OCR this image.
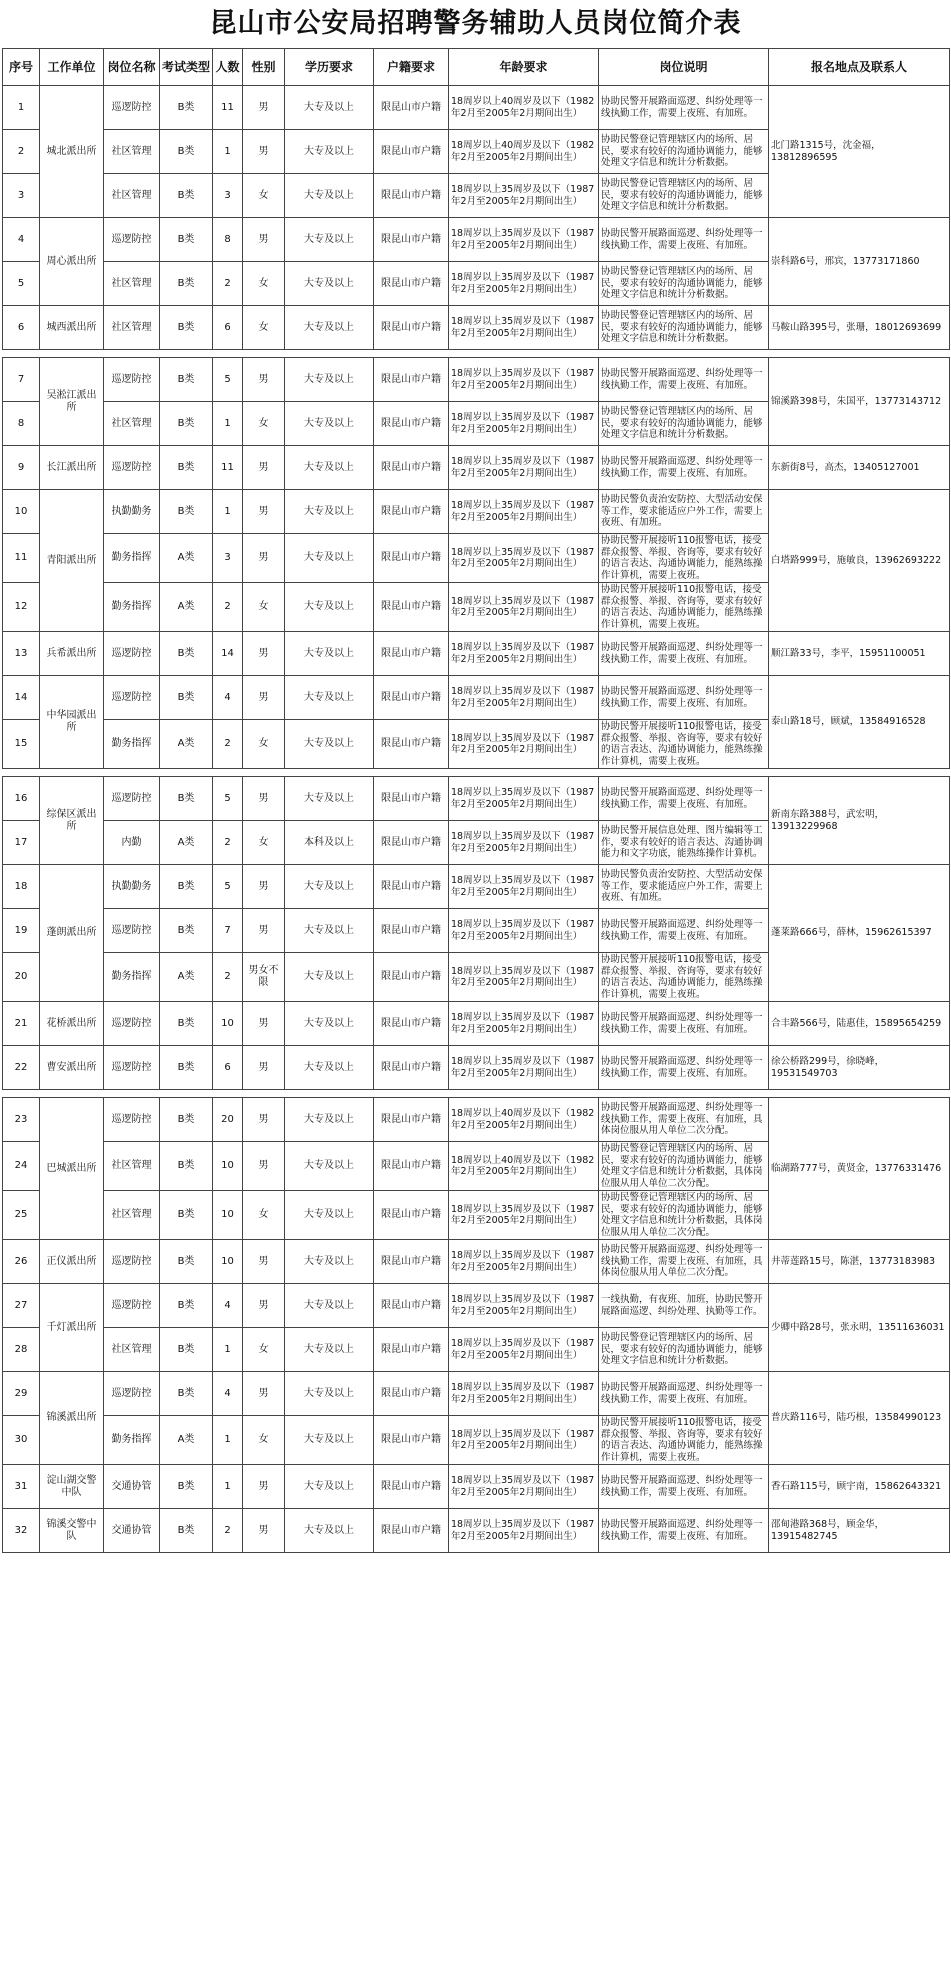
昆山市公安局招聘警务辅助人员岗位简介表
序号	工作单位	岗位名称	考试类型	人数	性别	学历要求	户籍要求	年龄要求	岗位说明	报名地点及联系人
1	城北派出所	巡逻防控	B类	11	男	大专及以上	限昆山市户籍	18周岁以上40周岁及以下（1982年2月至2005年2月期间出生）	协助民警开展路面巡逻、纠纷处理等一线执勤工作，需要上夜班、有加班。	北门路1315号，沈金福，13812896595
2		社区管理	B类	1	男	大专及以上	限昆山市户籍	18周岁以上40周岁及以下（1982年2月至2005年2月期间出生）	协助民警登记管理辖区内的场所、居民，要求有较好的沟通协调能力，能够处理文字信息和统计分析数据。	
3		社区管理	B类	3	女	大专及以上	限昆山市户籍	18周岁以上35周岁及以下（1987年2月至2005年2月期间出生）	协助民警登记管理辖区内的场所、居民，要求有较好的沟通协调能力，能够处理文字信息和统计分析数据。	
4	周心派出所	巡逻防控	B类	8	男	大专及以上	限昆山市户籍	18周岁以上35周岁及以下（1987年2月至2005年2月期间出生）	协助民警开展路面巡逻、纠纷处理等一线执勤工作，需要上夜班、有加班。	崇科路6号，邢宾，13773171860
5		社区管理	B类	2	女	大专及以上	限昆山市户籍	18周岁以上35周岁及以下（1987年2月至2005年2月期间出生）	协助民警登记管理辖区内的场所、居民，要求有较好的沟通协调能力，能够处理文字信息和统计分析数据。	
6	城西派出所	社区管理	B类	6	女	大专及以上	限昆山市户籍	18周岁以上35周岁及以下（1987年2月至2005年2月期间出生）	协助民警登记管理辖区内的场所、居民，要求有较好的沟通协调能力，能够处理文字信息和统计分析数据。	马鞍山路395号，张珊，18012693699

7	吴淞江派出所	巡逻防控	B类	5	男	大专及以上	限昆山市户籍	18周岁以上35周岁及以下（1987年2月至2005年2月期间出生）	协助民警开展路面巡逻、纠纷处理等一线执勤工作，需要上夜班、有加班。	锦溪路398号，朱国平，13773143712
8		社区管理	B类	1	女	大专及以上	限昆山市户籍	18周岁以上35周岁及以下（1987年2月至2005年2月期间出生）	协助民警登记管理辖区内的场所、居民，要求有较好的沟通协调能力，能够处理文字信息和统计分析数据。	
9	长江派出所	巡逻防控	B类	11	男	大专及以上	限昆山市户籍	18周岁以上35周岁及以下（1987年2月至2005年2月期间出生）	协助民警开展路面巡逻、纠纷处理等一线执勤工作，需要上夜班、有加班。	东新街8号，高杰，13405127001
10	青阳派出所	执勤勤务	B类	1	男	大专及以上	限昆山市户籍	18周岁以上35周岁及以下（1987年2月至2005年2月期间出生）	协助民警负责治安防控、大型活动安保等工作，要求能适应户外工作，需要上夜班、有加班。	白塔路999号，施敏良，13962693222
11		勤务指挥	A类	3	男	大专及以上	限昆山市户籍	18周岁以上35周岁及以下（1987年2月至2005年2月期间出生）	协助民警开展接听110报警电话，接受群众报警、举报、咨询等，要求有较好的语言表达、沟通协调能力，能熟练操作计算机，需要上夜班。	
12		勤务指挥	A类	2	女	大专及以上	限昆山市户籍	18周岁以上35周岁及以下（1987年2月至2005年2月期间出生）	协助民警开展接听110报警电话，接受群众报警、举报、咨询等，要求有较好的语言表达、沟通协调能力，能熟练操作计算机，需要上夜班。	
13	兵希派出所	巡逻防控	B类	14	男	大专及以上	限昆山市户籍	18周岁以上35周岁及以下（1987年2月至2005年2月期间出生）	协助民警开展路面巡逻、纠纷处理等一线执勤工作，需要上夜班、有加班。	顺江路33号，李平，15951100051
14	中华园派出所	巡逻防控	B类	4	男	大专及以上	限昆山市户籍	18周岁以上35周岁及以下（1987年2月至2005年2月期间出生）	协助民警开展路面巡逻、纠纷处理等一线执勤工作，需要上夜班、有加班。	泰山路18号，顾斌，13584916528
15		勤务指挥	A类	2	女	大专及以上	限昆山市户籍	18周岁以上35周岁及以下（1987年2月至2005年2月期间出生）	协助民警开展接听110报警电话，接受群众报警、举报、咨询等，要求有较好的语言表达、沟通协调能力，能熟练操作计算机，需要上夜班。	

16	综保区派出所	巡逻防控	B类	5	男	大专及以上	限昆山市户籍	18周岁以上35周岁及以下（1987年2月至2005年2月期间出生）	协助民警开展路面巡逻、纠纷处理等一线执勤工作，需要上夜班、有加班。	新南东路388号，武宏明，13913229968
17		内勤	A类	2	女	本科及以上	限昆山市户籍	18周岁以上35周岁及以下（1987年2月至2005年2月期间出生）	协助民警开展信息处理、图片编辑等工作，要求有较好的语言表达、沟通协调能力和文字功底，能熟练操作计算机。	
18	蓬朗派出所	执勤勤务	B类	5	男	大专及以上	限昆山市户籍	18周岁以上35周岁及以下（1987年2月至2005年2月期间出生）	协助民警负责治安防控、大型活动安保等工作，要求能适应户外工作，需要上夜班、有加班。	蓬莱路666号，薛林，15962615397
19		巡逻防控	B类	7	男	大专及以上	限昆山市户籍	18周岁以上35周岁及以下（1987年2月至2005年2月期间出生）	协助民警开展路面巡逻、纠纷处理等一线执勤工作，需要上夜班、有加班。	
20		勤务指挥	A类	2	男女不限	大专及以上	限昆山市户籍	18周岁以上35周岁及以下（1987年2月至2005年2月期间出生）	协助民警开展接听110报警电话，接受群众报警、举报、咨询等，要求有较好的语言表达、沟通协调能力，能熟练操作计算机，需要上夜班。	
21	花桥派出所	巡逻防控	B类	10	男	大专及以上	限昆山市户籍	18周岁以上35周岁及以下（1987年2月至2005年2月期间出生）	协助民警开展路面巡逻、纠纷处理等一线执勤工作，需要上夜班、有加班。	合丰路566号，陆惠佳，15895654259
22	曹安派出所	巡逻防控	B类	6	男	大专及以上	限昆山市户籍	18周岁以上35周岁及以下（1987年2月至2005年2月期间出生）	协助民警开展路面巡逻、纠纷处理等一线执勤工作，需要上夜班、有加班。	徐公桥路299号，徐晓峰，19531549703

23	巴城派出所	巡逻防控	B类	20	男	大专及以上	限昆山市户籍	18周岁以上40周岁及以下（1982年2月至2005年2月期间出生）	协助民警开展路面巡逻、纠纷处理等一线执勤工作，需要上夜班、有加班，具体岗位服从用人单位二次分配。	临湖路777号，黄贤金，13776331476
24		社区管理	B类	10	男	大专及以上	限昆山市户籍	18周岁以上40周岁及以下（1982年2月至2005年2月期间出生）	协助民警登记管理辖区内的场所、居民，要求有较好的沟通协调能力，能够处理文字信息和统计分析数据，具体岗位服从用人单位二次分配。	
25		社区管理	B类	10	女	大专及以上	限昆山市户籍	18周岁以上35周岁及以下（1987年2月至2005年2月期间出生）	协助民警登记管理辖区内的场所、居民，要求有较好的沟通协调能力，能够处理文字信息和统计分析数据，具体岗位服从用人单位二次分配。	
26	正仪派出所	巡逻防控	B类	10	男	大专及以上	限昆山市户籍	18周岁以上35周岁及以下（1987年2月至2005年2月期间出生）	协助民警开展路面巡逻、纠纷处理等一线执勤工作，需要上夜班、有加班，具体岗位服从用人单位二次分配。	井蒂莲路15号，陈湛，13773183983
27	千灯派出所	巡逻防控	B类	4	男	大专及以上	限昆山市户籍	18周岁以上35周岁及以下（1987年2月至2005年2月期间出生）	一线执勤，有夜班、加班，协助民警开展路面巡逻、纠纷处理、执勤等工作。	少卿中路28号，张永明，13511636031
28		社区管理	B类	1	女	大专及以上	限昆山市户籍	18周岁以上35周岁及以下（1987年2月至2005年2月期间出生）	协助民警登记管理辖区内的场所、居民，要求有较好的沟通协调能力，能够处理文字信息和统计分析数据。	
29	锦溪派出所	巡逻防控	B类	4	男	大专及以上	限昆山市户籍	18周岁以上35周岁及以下（1987年2月至2005年2月期间出生）	协助民警开展路面巡逻、纠纷处理等一线执勤工作，需要上夜班、有加班。	普庆路116号，陆巧根，13584990123
30		勤务指挥	A类	1	女	大专及以上	限昆山市户籍	18周岁以上35周岁及以下（1987年2月至2005年2月期间出生）	协助民警开展接听110报警电话，接受群众报警、举报、咨询等，要求有较好的语言表达、沟通协调能力，能熟练操作计算机，需要上夜班。	
31	淀山湖交警中队	交通协管	B类	1	男	大专及以上	限昆山市户籍	18周岁以上35周岁及以下（1987年2月至2005年2月期间出生）	协助民警开展路面巡逻、纠纷处理等一线执勤工作，需要上夜班、有加班。	香石路115号，顾宇南，15862643321
32	锦溪交警中队	交通协管	B类	2	男	大专及以上	限昆山市户籍	18周岁以上35周岁及以下（1987年2月至2005年2月期间出生）	协助民警开展路面巡逻、纠纷处理等一线执勤工作，需要上夜班、有加班。	邵甸港路368号，顾金华，13915482745
